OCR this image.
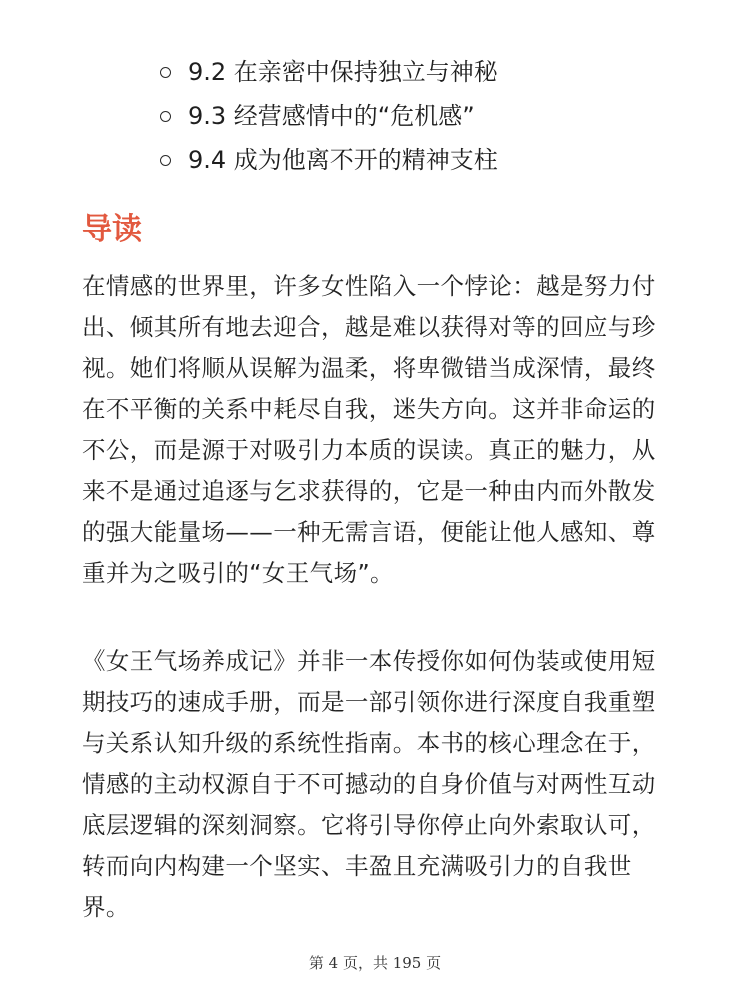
9.2 在亲密中保持独立与神秘
9.3 经营感情中的“危机感”
9.4 成为他离不开的精神支柱
导读

在情感的世界里，许多女性陷入一个悖论：越是努力付出、倾其所有地去迎合，越是难以获得对等的回应与珍视。她们将顺从误解为温柔，将卑微错当成深情，最终在不平衡的关系中耗尽自我，迷失方向。这并非命运的不公，而是源于对吸引力本质的误读。真正的魅力，从来不是通过追逐与乞求获得的，它是一种由内而外散发的强大能量场——一种无需言语，便能让他人感知、尊重并为之吸引的“女王气场”。

《女王气场养成记》并非一本传授你如何伪装或使用短期技巧的速成手册，而是一部引领你进行深度自我重塑与关系认知升级的系统性指南。本书的核心理念在于，情感的主动权源自于不可撼动的自身价值与对两性互动底层逻辑的深刻洞察。它将引导你停止向外索取认可，转而向内构建一个坚实、丰盈且充满吸引力的自我世界。

第 4 页，共 195 页
